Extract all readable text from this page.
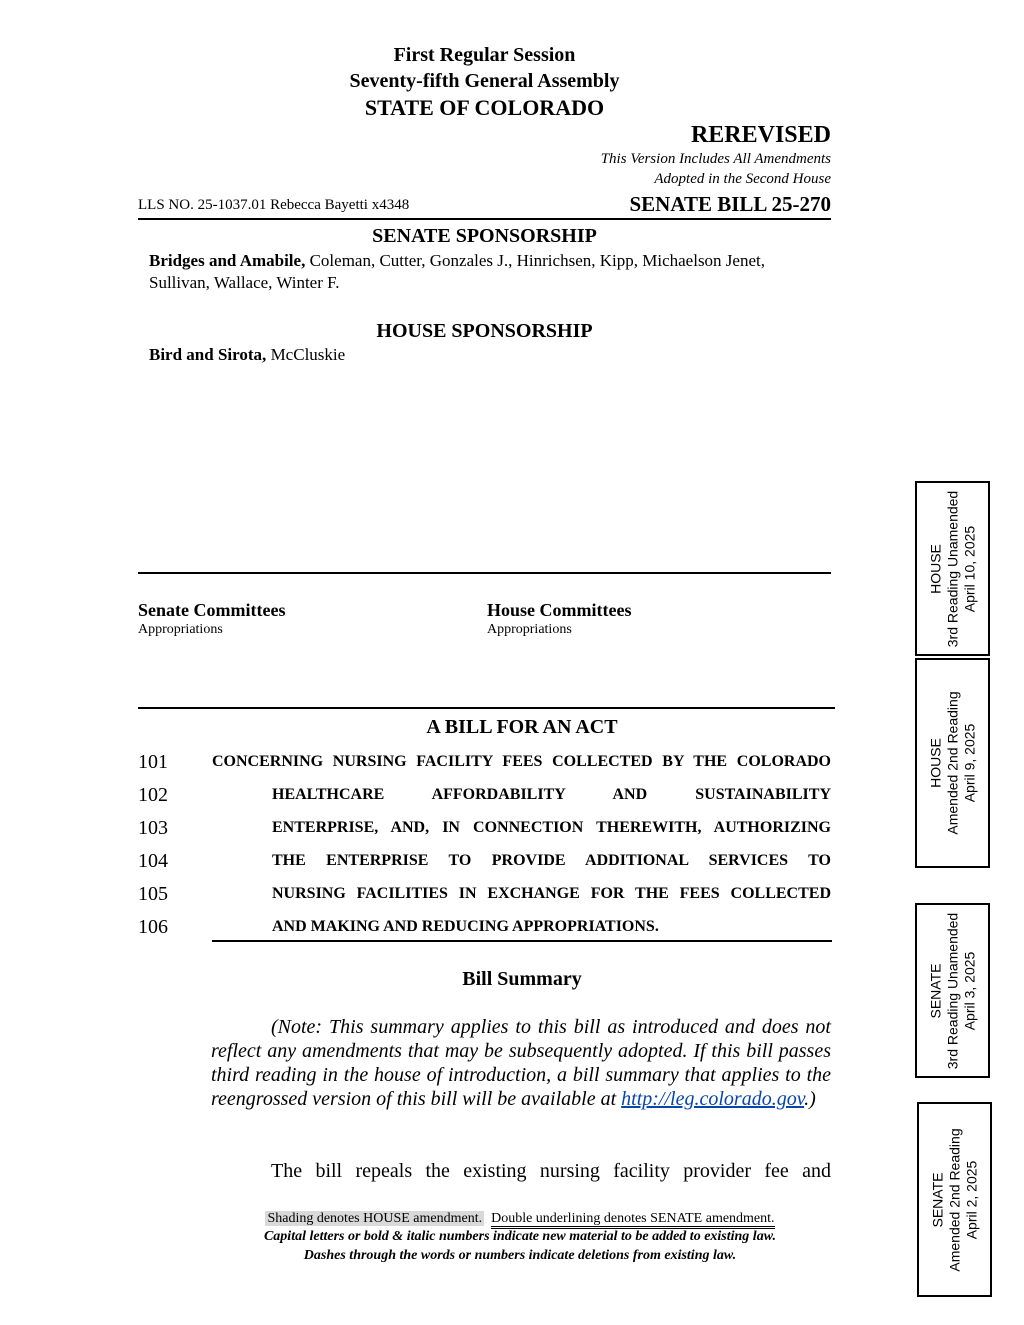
First Regular Session
Seventy-fifth General Assembly
STATE OF COLORADO
REREVISED
This Version Includes All Amendments
Adopted in the Second House
LLS NO. 25-1037.01 Rebecca Bayetti x4348	SENATE BILL 25-270
SENATE SPONSORSHIP
Bridges and Amabile, Coleman, Cutter, Gonzales J., Hinrichsen, Kipp, Michaelson Jenet,
Sullivan, Wallace, Winter F.
HOUSE SPONSORSHIP
Bird and Sirota, McCluskie
Senate Committees
Appropriations
House Committees
Appropriations
A BILL FOR AN ACT
101	CONCERNING NURSING FACILITY FEES COLLECTED BY THE COLORADO
102	HEALTHCARE AFFORDABILITY AND SUSTAINABILITY
103	ENTERPRISE, AND, IN CONNECTION THEREWITH, AUTHORIZING
104	THE ENTERPRISE TO PROVIDE ADDITIONAL SERVICES TO
105	NURSING FACILITIES IN EXCHANGE FOR THE FEES COLLECTED
106	AND MAKING AND REDUCING APPROPRIATIONS.
Bill Summary
(Note: This summary applies to this bill as introduced and does not reflect any amendments that may be subsequently adopted. If this bill passes third reading in the house of introduction, a bill summary that applies to the reengrossed version of this bill will be available at http://leg.colorado.gov.)
The bill repeals the existing nursing facility provider fee and
Shading denotes HOUSE amendment. Double underlining denotes SENATE amendment.
Capital letters or bold & italic numbers indicate new material to be added to existing law.
Dashes through the words or numbers indicate deletions from existing law.
HOUSE 3rd Reading Unamended April 10, 2025
HOUSE Amended 2nd Reading April 9, 2025
SENATE 3rd Reading Unamended April 3, 2025
SENATE Amended 2nd Reading April 2, 2025
